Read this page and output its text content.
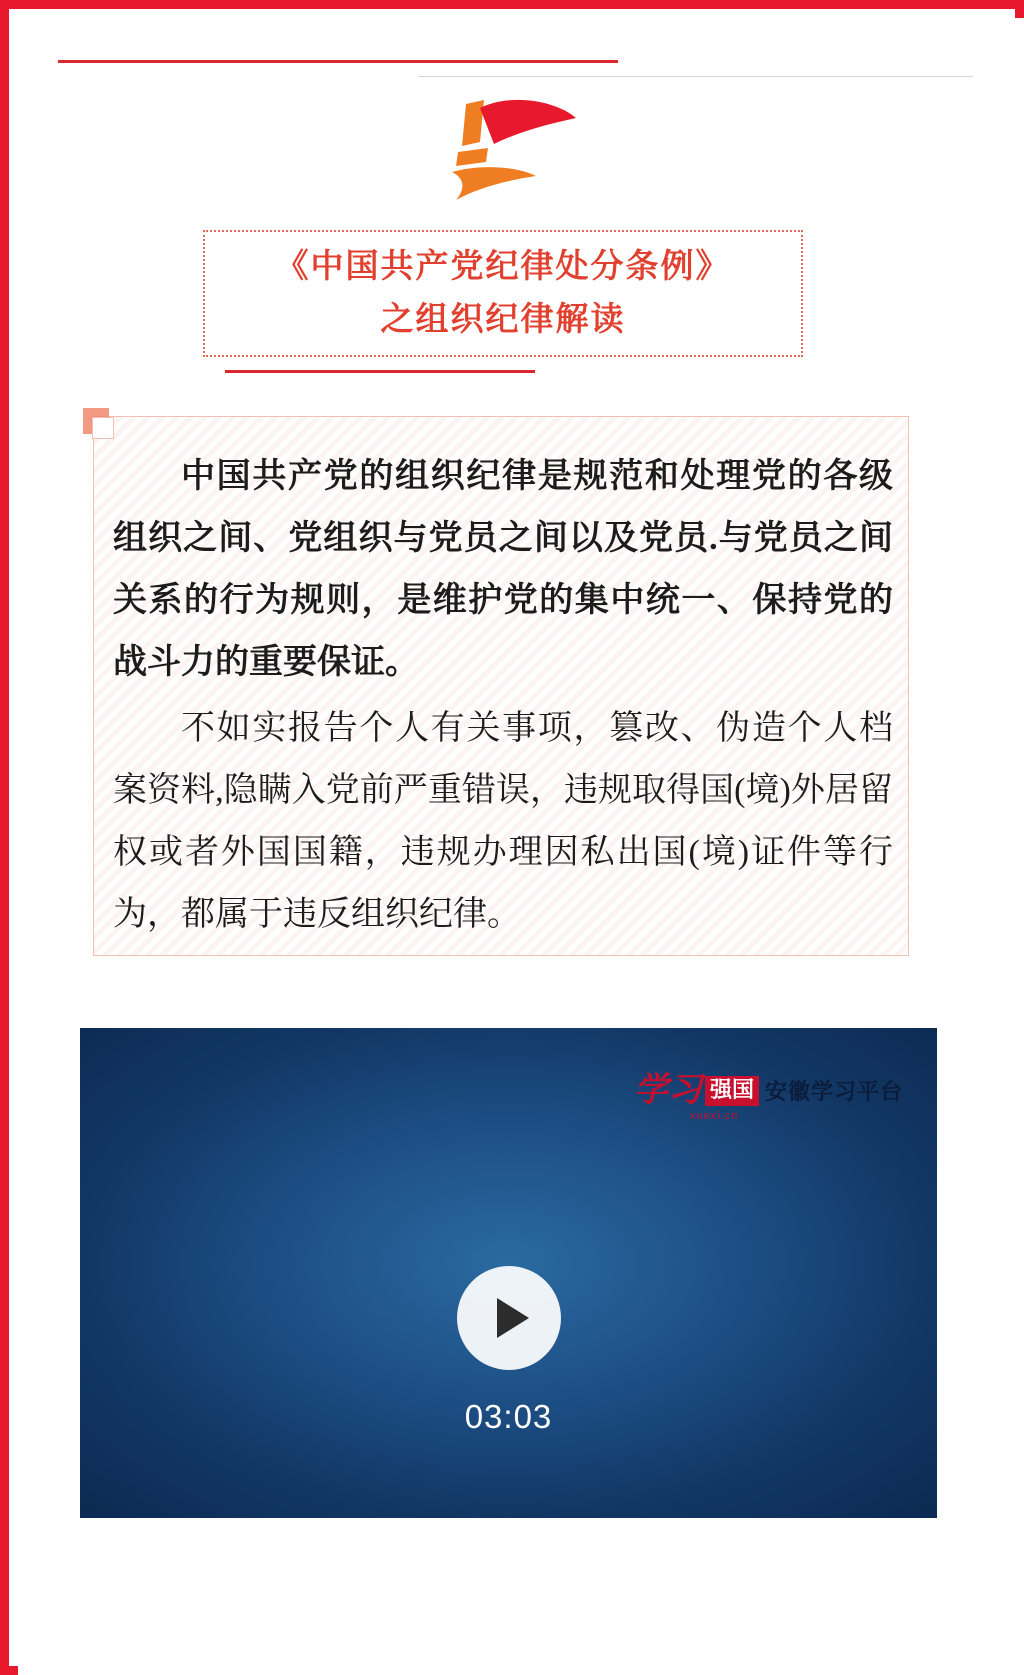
《中国共产党纪律处分条例》
之组织纪律解读

中国共产党的组织纪律是规范和处理党的各级组织之间、党组织与党员之间以及党员.与党员之间关系的行为规则，是维护党的集中统一、保持党的战斗力的重要保证。

不如实报告个人有关事项，篡改、伪造个人档案资料,隐瞒入党前严重错误，违规取得国(境)外居留权或者外国国籍，违规办理因私出国(境)证件等行为，都属于违反组织纪律。

学习 强国
xuexi.cn
安徽学习平台
03:03
